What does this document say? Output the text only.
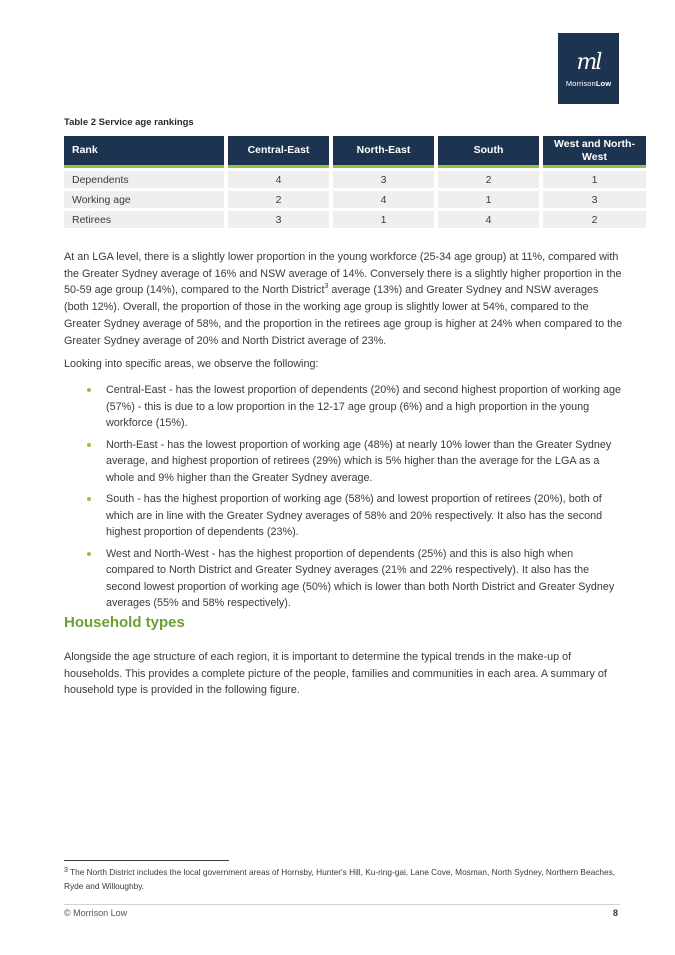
ml
MorrisonLow
Table 2 Service age rankings
Rank	Central-East	North-East	South	West and North-West
Dependents	4	3	2	1
Working age	2	4	1	3
Retirees	3	1	4	2

At an LGA level, there is a slightly lower proportion in the young workforce (25-34 age group) at 11%, compared with the Greater Sydney average of 16% and NSW average of 14%. Conversely there is a slightly higher proportion in the 50-59 age group (14%), compared to the North District$^3$ average (13%) and Greater Sydney and NSW averages (both 12%). Overall, the proportion of those in the working age group is slightly lower at 54%, compared to the Greater Sydney average of 58%, and the proportion in the retirees age group is higher at 24% when compared to the Greater Sydney average of 20% and North District average of 23%.

Looking into specific areas, we observe the following:

Central-East - has the lowest proportion of dependents (20%) and second highest proportion of working age (57%) - this is due to a low proportion in the 12-17 age group (6%) and a high proportion in the young workforce (15%).
North-East - has the lowest proportion of working age (48%) at nearly 10% lower than the Greater Sydney average, and highest proportion of retirees (29%) which is 5% higher than the average for the LGA as a whole and 9% higher than the Greater Sydney average.
South - has the highest proportion of working age (58%) and lowest proportion of retirees (20%), both of which are in line with the Greater Sydney averages of 58% and 20% respectively. It also has the second highest proportion of dependents (23%).
West and North-West - has the highest proportion of dependents (25%) and this is also high when compared to North District and Greater Sydney averages (21% and 22% respectively). It also has the second lowest proportion of working age (50%) which is lower than both North District and Greater Sydney averages (55% and 58% respectively).
Household types

Alongside the age structure of each region, it is important to determine the typical trends in the make-up of households. This provides a complete picture of the people, families and communities in each area. A summary of household type is provided in the following figure.

$^3$ The North District includes the local government areas of Hornsby, Hunter's Hill, Ku-ring-gai, Lane Cove, Mosman, North Sydney, Northern Beaches, Ryde and Willoughby.

© Morrison Low	8
